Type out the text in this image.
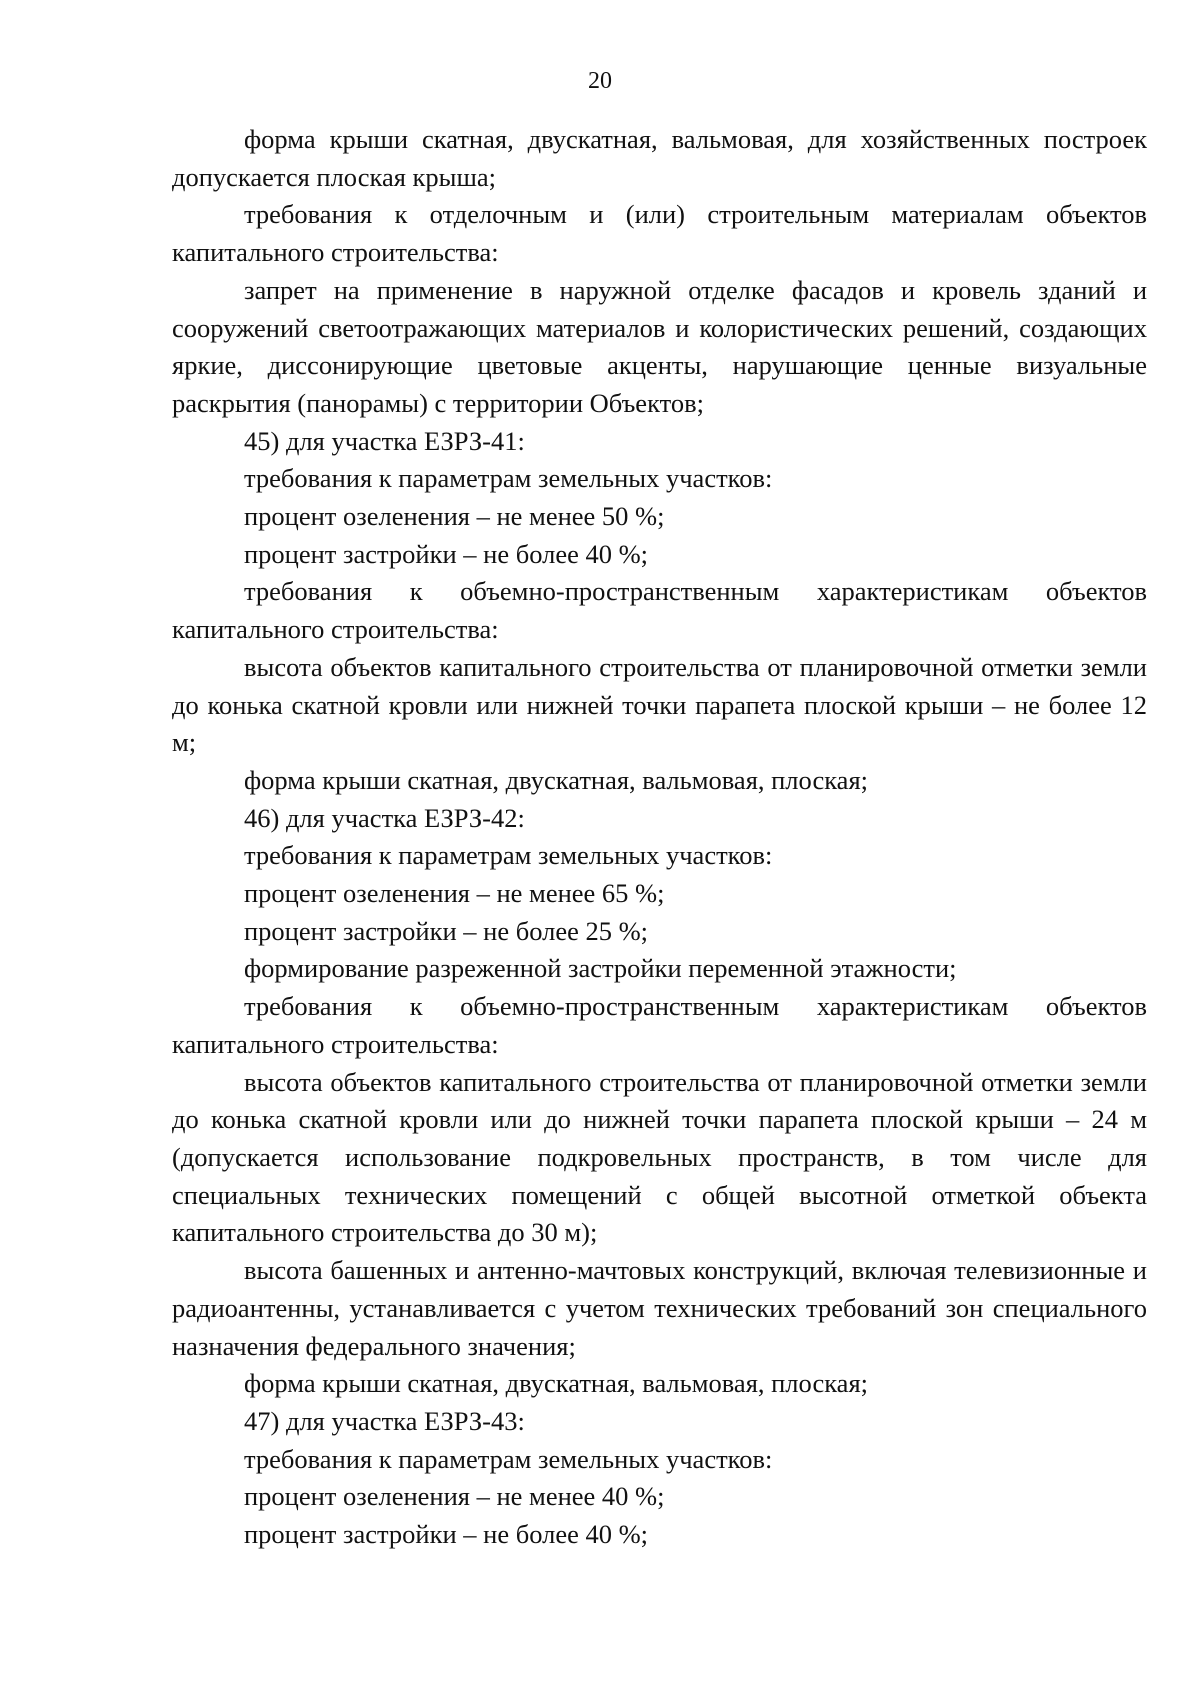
20

форма крыши скатная, двускатная, вальмовая, для хозяйственных построек допускается плоская крыша;

требования к отделочным и (или) строительным материалам объектов капитального строительства:

запрет на применение в наружной отделке фасадов и кровель зданий и сооружений светоотражающих материалов и колористических решений, создающих яркие, диссонирующие цветовые акценты, нарушающие ценные визуальные раскрытия (панорамы) с территории Объектов;

45) для участка ЕЗРЗ-41:

требования к параметрам земельных участков:

процент озеленения – не менее 50 %;

процент застройки – не более 40 %;

требования к объемно-пространственным характеристикам объектов капитального строительства:

высота объектов капитального строительства от планировочной отметки земли до конька скатной кровли или нижней точки парапета плоской крыши – не более 12 м;

форма крыши скатная, двускатная, вальмовая, плоская;

46) для участка ЕЗРЗ-42:

требования к параметрам земельных участков:

процент озеленения – не менее 65 %;

процент застройки – не более 25 %;

формирование разреженной застройки переменной этажности;

требования к объемно-пространственным характеристикам объектов капитального строительства:

высота объектов капитального строительства от планировочной отметки земли до конька скатной кровли или до нижней точки парапета плоской крыши – 24 м (допускается использование подкровельных пространств, в том числе для специальных технических помещений с общей высотной отметкой объекта капитального строительства до 30 м);

высота башенных и антенно-мачтовых конструкций, включая телевизионные и радиоантенны, устанавливается с учетом технических требований зон специального назначения федерального значения;

форма крыши скатная, двускатная, вальмовая, плоская;

47) для участка ЕЗРЗ-43:

требования к параметрам земельных участков:

процент озеленения – не менее 40 %;

процент застройки – не более 40 %;
